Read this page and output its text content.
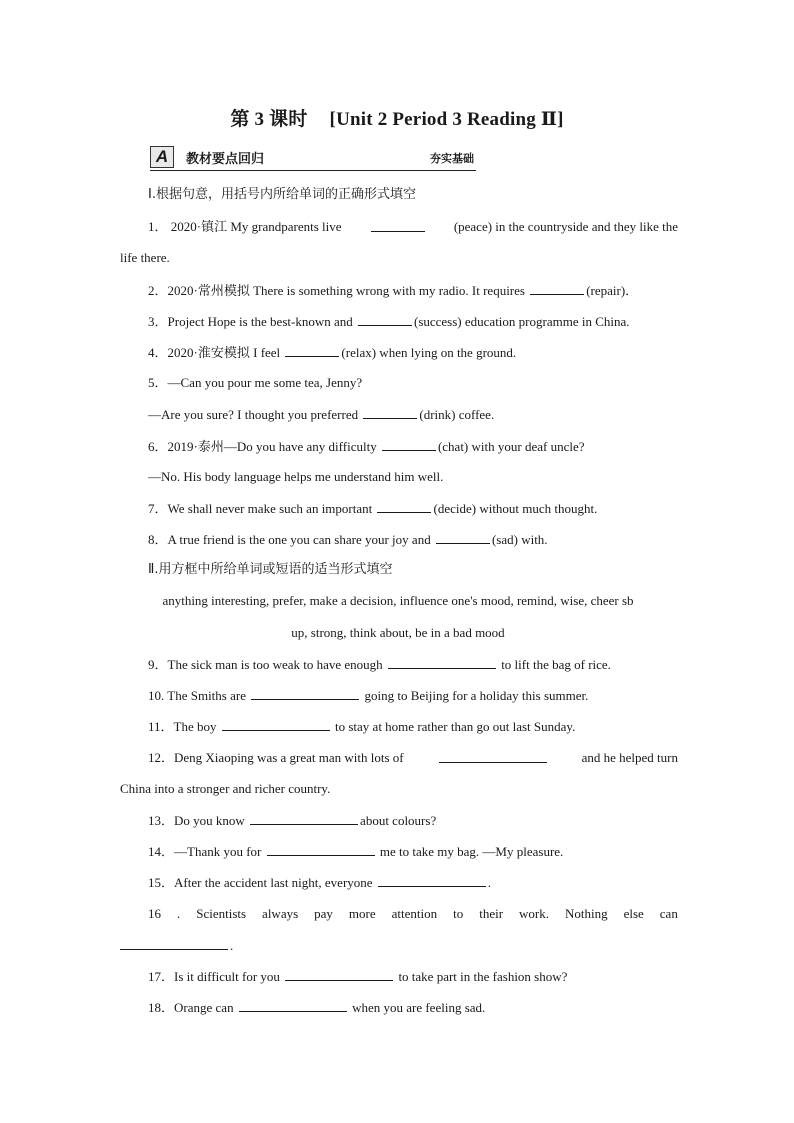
第 3 课时 [Unit 2 Period 3 Reading Ⅱ]
A	教材要点回归	夯实基础
Ⅰ.根据句意，用括号内所给单词的正确形式填空
1． 2020·镇江 My grandparents live	(peace) in the countryside and they like the
life there.
2．2020·常州模拟 There is something wrong with my radio. It requires	(repair)．
3．Project Hope is the best-known and	(success) education programme in China.
4．2020·淮安模拟 I feel	(relax) when lying on the ground.
5．—Can you pour me some tea, Jenny?
—Are you sure? I thought you preferred	(drink) coffee.
6．2019·泰州—Do you have any difficulty	(chat) with your deaf uncle?
—No. His body language helps me understand him well.
7．We shall never make such an important	(decide) without much thought.
8．A true friend is the one you can share your joy and	(sad) with.
Ⅱ.用方框中所给单词或短语的适当形式填空
anything interesting, prefer, make a decision, influence one's mood, remind, wise, cheer sb
up, strong, think about, be in a bad mood
9．The sick man is too weak to have enough	to lift the bag of rice.
10. The Smiths are	going to Beijing for a holiday this summer.
11．The boy	to stay at home rather than go out last Sunday.
12．Deng Xiaoping was a great man with lots of	and he helped turn
China into a stronger and richer country.
13．Do you know	about colours?
14．—Thank you for	me to take my bag. —My pleasure.
15．After the accident last night, everyone	.
16 . Scientists always pay more attention to their work. Nothing else can
.
17．Is it difficult for you	to take part in the fashion show?
18．Orange can	when you are feeling sad.
